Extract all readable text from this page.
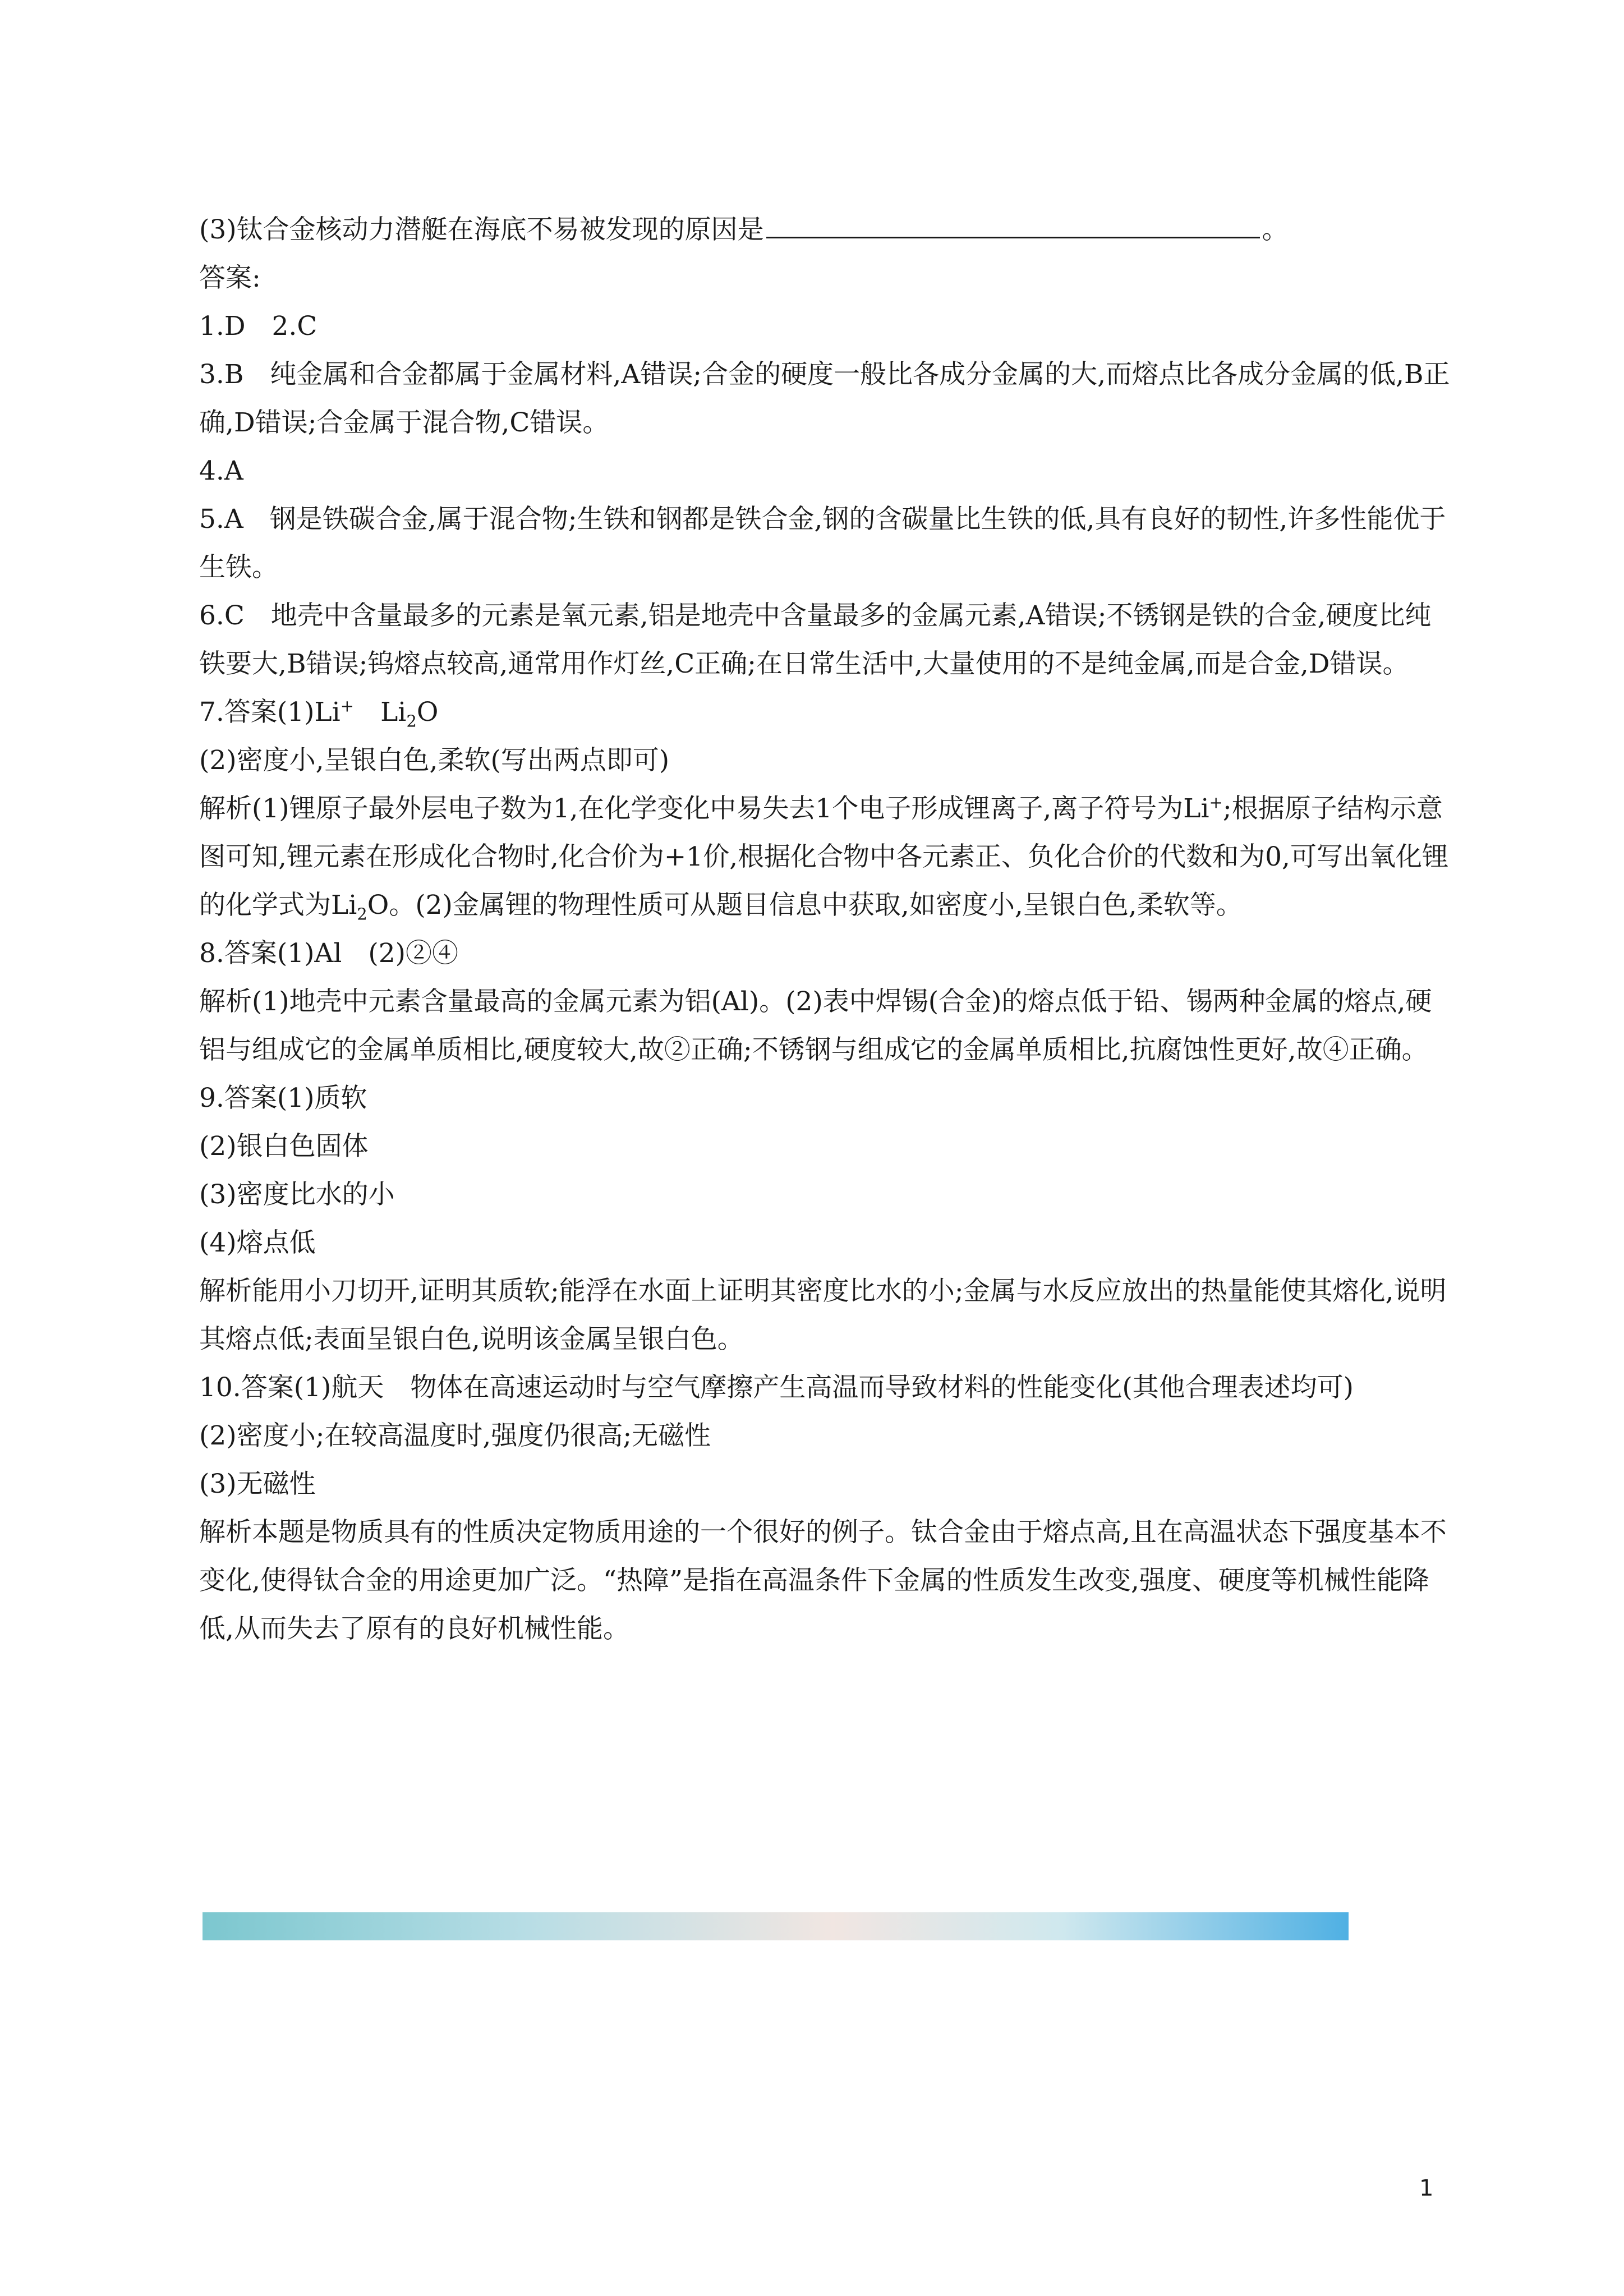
(3)钛合金核动力潜艇在海底不易被发现的原因是	。

答案:

1.D　2.C

3.B　纯金属和合金都属于金属材料,A错误;合金的硬度一般比各成分金属的大,而熔点比各成分金属的低,B正确,D错误;合金属于混合物,C错误。

4.A

5.A　钢是铁碳合金,属于混合物;生铁和钢都是铁合金,钢的含碳量比生铁的低,具有良好的韧性,许多性能优于生铁。

6.C　地壳中含量最多的元素是氧元素,铝是地壳中含量最多的金属元素,A错误;不锈钢是铁的合金,硬度比纯铁要大,B错误;钨熔点较高,通常用作灯丝,C正确;在日常生活中,大量使用的不是纯金属,而是合金,D错误。

7.答案(1)Li+　$Li_2O$

(2)密度小,呈银白色,柔软(写出两点即可)

解析(1)锂原子最外层电子数为1,在化学变化中易失去1个电子形成锂离子,离子符号为Li+;根据原子结构示意图可知,锂元素在形成化合物时,化合价为+1价,根据化合物中各元素正、负化合价的代数和为0,可写出氧化锂的化学式为$Li_2O$。(2)金属锂的物理性质可从题目信息中获取,如密度小,呈银白色,柔软等。

8.答案(1)Al　(2)②④

解析(1)地壳中元素含量最高的金属元素为铝(Al)。(2)表中焊锡(合金)的熔点低于铅、锡两种金属的熔点,硬铝与组成它的金属单质相比,硬度较大,故②正确;不锈钢与组成它的金属单质相比,抗腐蚀性更好,故④正确。

9.答案(1)质软

(2)银白色固体

(3)密度比水的小

(4)熔点低

解析能用小刀切开,证明其质软;能浮在水面上证明其密度比水的小;金属与水反应放出的热量能使其熔化,说明其熔点低;表面呈银白色,说明该金属呈银白色。

10.答案(1)航天　物体在高速运动时与空气摩擦产生高温而导致材料的性能变化(其他合理表述均可)

(2)密度小;在较高温度时,强度仍很高;无磁性

(3)无磁性

解析本题是物质具有的性质决定物质用途的一个很好的例子。钛合金由于熔点高,且在高温状态下强度基本不变化,使得钛合金的用途更加广泛。“热障”是指在高温条件下金属的性质发生改变,强度、硬度等机械性能降低,从而失去了原有的良好机械性能。

1
